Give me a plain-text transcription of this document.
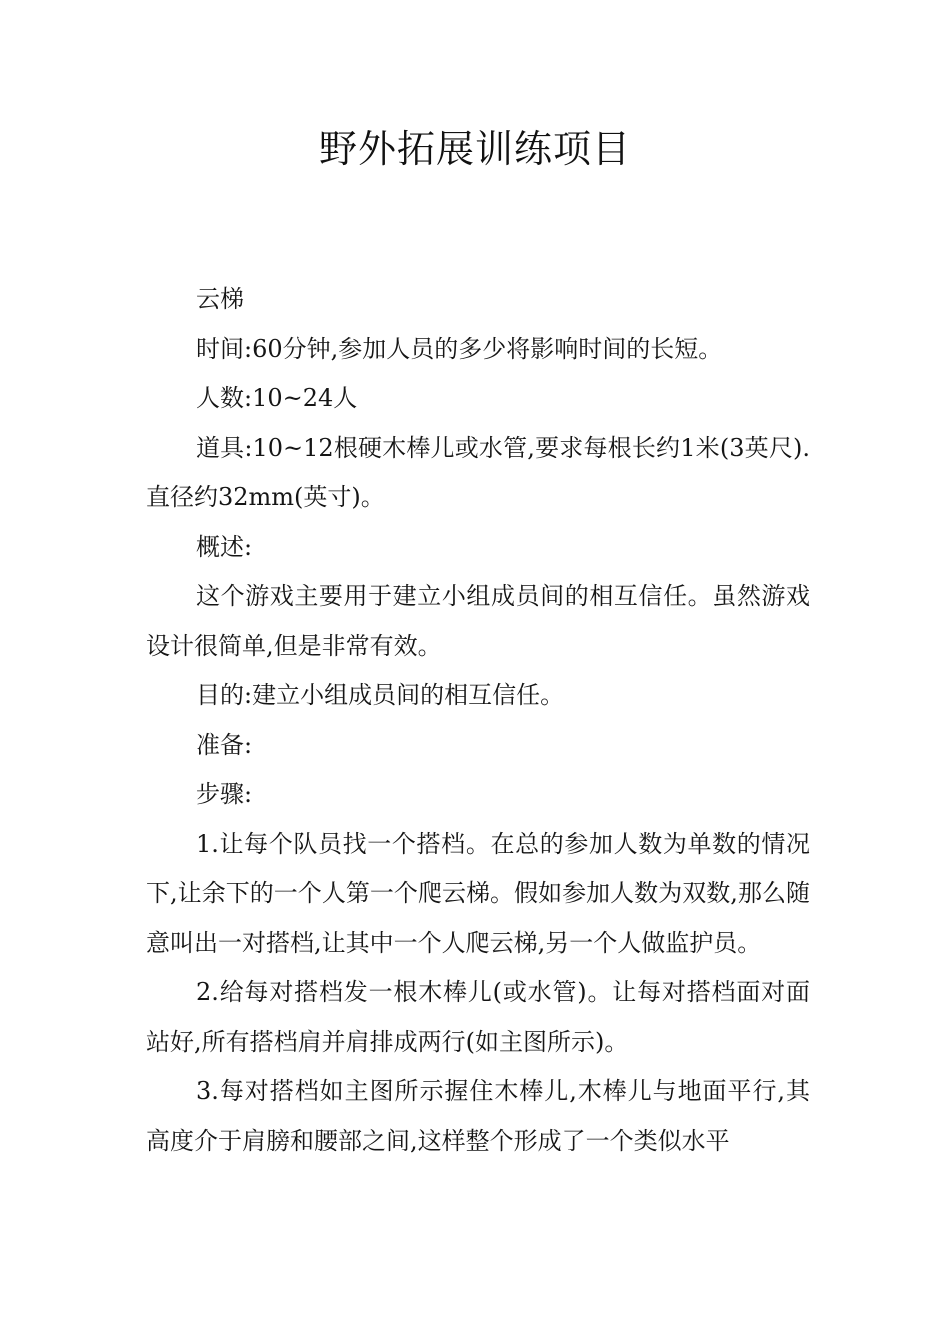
野外拓展训练项目

云梯

时间:60分钟,参加人员的多少将影响时间的长短。

人数:10~24人

道具:10~12根硬木棒儿或水管,要求每根长约1米(3英尺).直径约32mm(英寸)。

概述:

这个游戏主要用于建立小组成员间的相互信任。虽然游戏设计很简单,但是非常有效。

目的:建立小组成员间的相互信任。

准备:

步骤:

1.让每个队员找一个搭档。在总的参加人数为单数的情况下,让余下的一个人第一个爬云梯。假如参加人数为双数,那么随意叫出一对搭档,让其中一个人爬云梯,另一个人做监护员。

2.给每对搭档发一根木棒儿(或水管)。让每对搭档面对面站好,所有搭档肩并肩排成两行(如主图所示)。

3.每对搭档如主图所示握住木棒儿,木棒儿与地面平行,其高度介于肩膀和腰部之间,这样整个形成了一个类似水平
